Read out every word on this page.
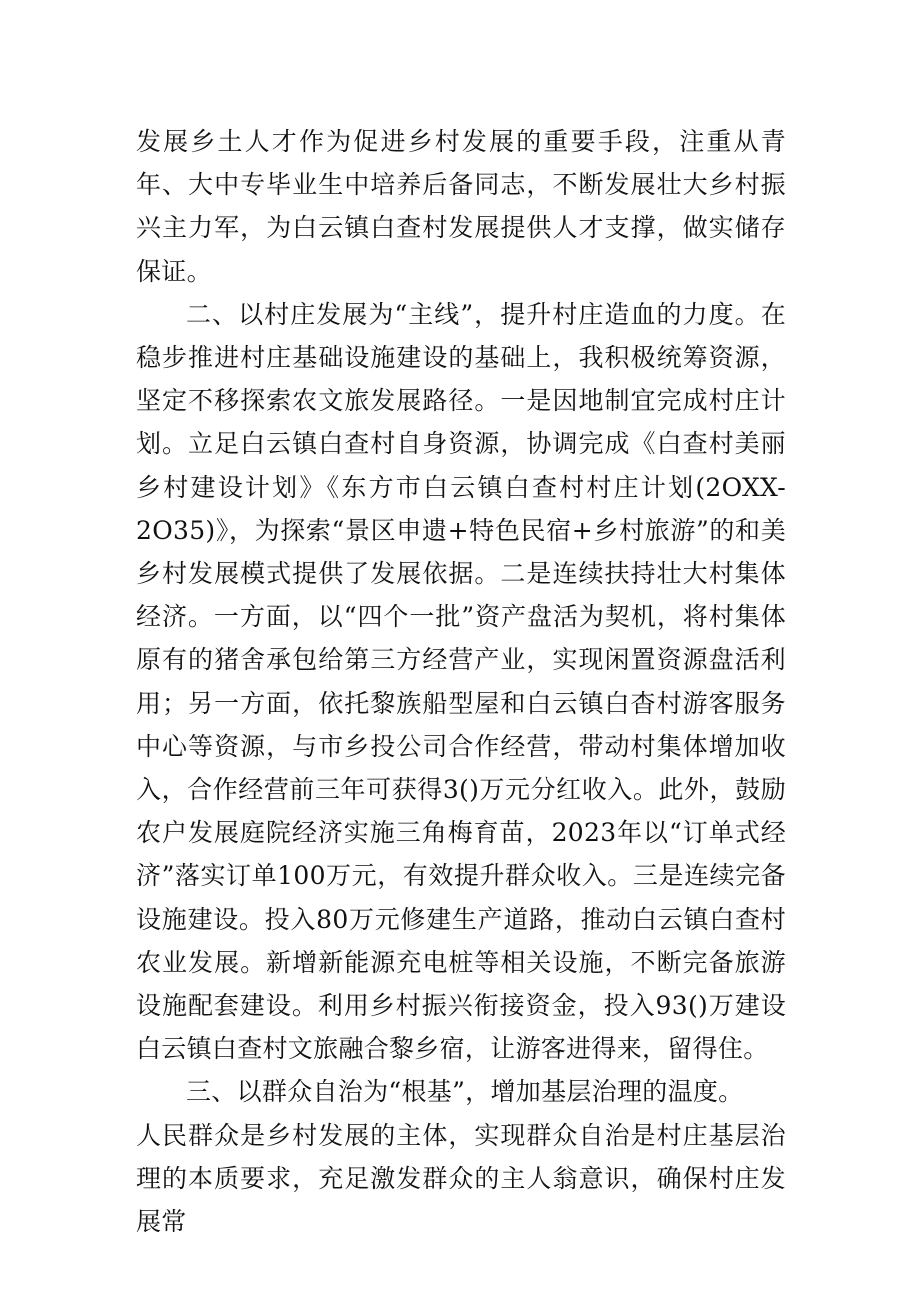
发展乡土人才作为促进乡村发展的重要手段，注重从青年、大中专毕业生中培养后备同志，不断发展壮大乡村振兴主力军，为白云镇白查村发展提供人才支撑，做实储存保证。

二、以村庄发展为“主线”，提升村庄造血的力度。在稳步推进村庄基础设施建设的基础上，我积极统筹资源，坚定不移探索农文旅发展路径。一是因地制宜完成村庄计划。立足白云镇白查村自身资源，协调完成《白查村美丽乡村建设计划》《东方市白云镇白查村村庄计划(2OXX-2O35)》，为探索“景区申遗+特色民宿+乡村旅游”的和美乡村发展模式提供了发展依据。二是连续扶持壮大村集体经济。一方面，以“四个一批”资产盘活为契机，将村集体原有的猪舍承包给第三方经营产业，实现闲置资源盘活利用；另一方面，依托黎族船型屋和白云镇白杳村游客服务中心等资源，与市乡投公司合作经营，带动村集体增加收入，合作经营前三年可获得3()万元分红收入。此外，鼓励农户发展庭院经济实施三角梅育苗，2023年以“订单式经济”落实订单100万元，有效提升群众收入。三是连续完备设施建设。投入80万元修建生产道路，推动白云镇白查村农业发展。新增新能源充电桩等相关设施，不断完备旅游设施配套建设。利用乡村振兴衔接资金，投入93()万建设白云镇白查村文旅融合黎乡宿，让游客进得来，留得住。

三、以群众自治为“根基”，增加基层治理的温度。

人民群众是乡村发展的主体，实现群众自治是村庄基层治理的本质要求，充足激发群众的主人翁意识，确保村庄发展常
